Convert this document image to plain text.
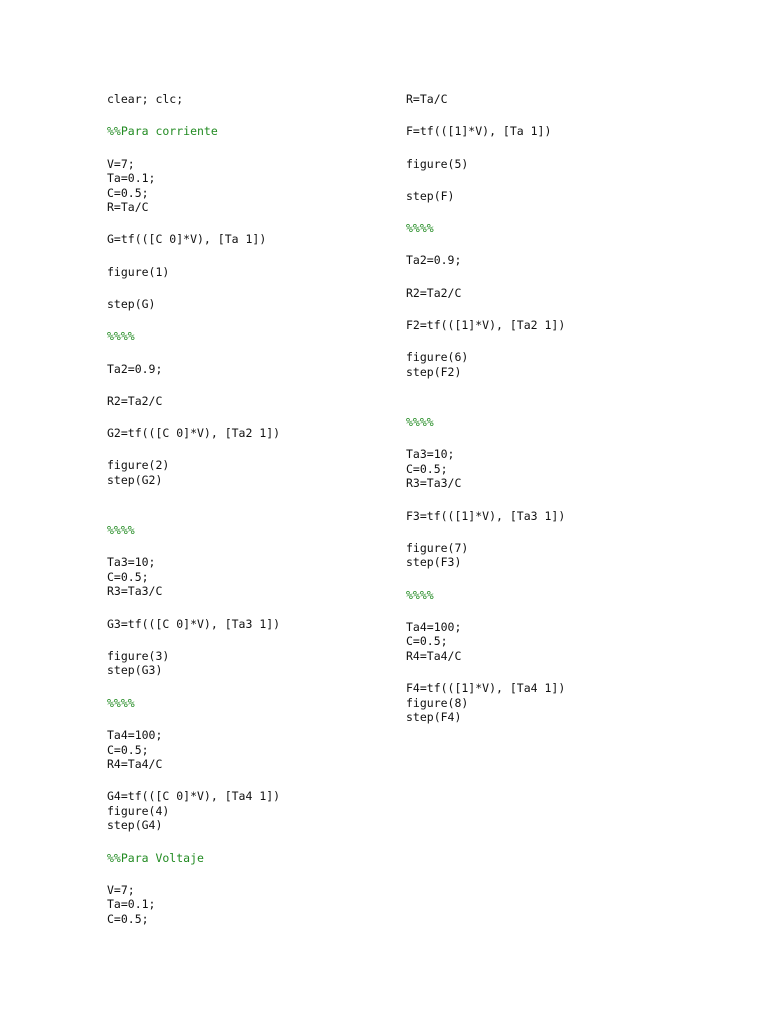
clear; clc;
%%Para corriente
V=7;
Ta=0.1;
C=0.5;
R=Ta/C
G=tf(([C 0]*V), [Ta 1])
figure(1)
step(G)
%%%%
Ta2=0.9;
R2=Ta2/C
G2=tf(([C 0]*V), [Ta2 1])
figure(2)
step(G2)
%%%%
Ta3=10;
C=0.5;
R3=Ta3/C
G3=tf(([C 0]*V), [Ta3 1])
figure(3)
step(G3)
%%%%
Ta4=100;
C=0.5;
R4=Ta4/C
G4=tf(([C 0]*V), [Ta4 1])
figure(4)
step(G4)
%%Para Voltaje
V=7;
Ta=0.1;
C=0.5;
R=Ta/C
F=tf(([1]*V), [Ta 1])
figure(5)
step(F)
%%%%
Ta2=0.9;
R2=Ta2/C
F2=tf(([1]*V), [Ta2 1])
figure(6)
step(F2)
%%%%
Ta3=10;
C=0.5;
R3=Ta3/C
F3=tf(([1]*V), [Ta3 1])
figure(7)
step(F3)
%%%%
Ta4=100;
C=0.5;
R4=Ta4/C
F4=tf(([1]*V), [Ta4 1])
figure(8)
step(F4)
